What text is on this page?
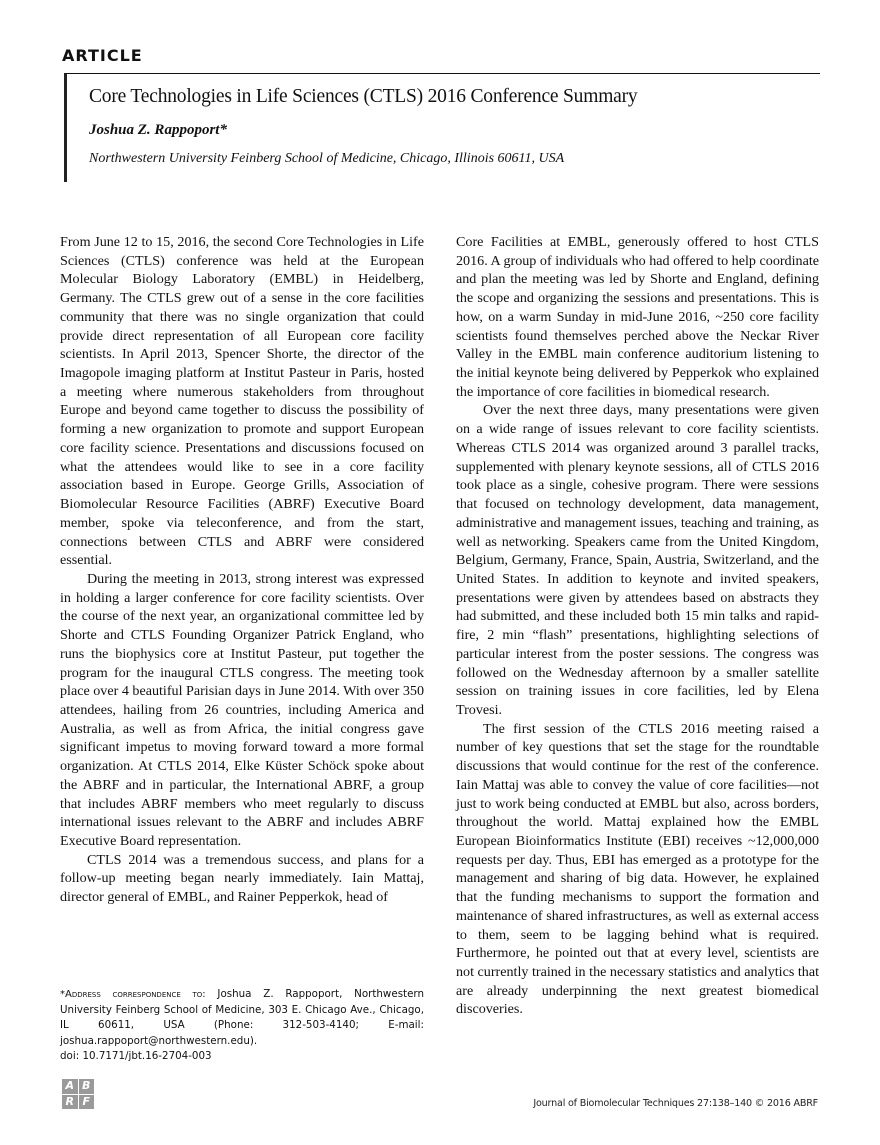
ARTICLE
Core Technologies in Life Sciences (CTLS) 2016 Conference Summary
Joshua Z. Rappoport*
Northwestern University Feinberg School of Medicine, Chicago, Illinois 60611, USA

From June 12 to 15, 2016, the second Core Technologies in Life Sciences (CTLS) conference was held at the European Molecular Biology Laboratory (EMBL) in Heidelberg, Germany. The CTLS grew out of a sense in the core facilities community that there was no single organization that could provide direct representation of all European core facility scientists. In April 2013, Spencer Shorte, the director of the Imagopole imaging platform at Institut Pasteur in Paris, hosted a meeting where numerous stakeholders from throughout Europe and beyond came together to discuss the possibility of forming a new organization to promote and support European core facility science. Presentations and discussions focused on what the attendees would like to see in a core facility association based in Europe. George Grills, Association of Biomolecular Resource Facilities (ABRF) Executive Board member, spoke via teleconference, and from the start, connections between CTLS and ABRF were considered essential.

During the meeting in 2013, strong interest was expressed in holding a larger conference for core facility scientists. Over the course of the next year, an organizational committee led by Shorte and CTLS Founding Organizer Patrick England, who runs the biophysics core at Institut Pasteur, put together the program for the inaugural CTLS congress. The meeting took place over 4 beautiful Parisian days in June 2014. With over 350 attendees, hailing from 26 countries, including America and Australia, as well as from Africa, the initial congress gave significant impetus to moving forward toward a more formal organization. At CTLS 2014, Elke Küster Schöck spoke about the ABRF and in particular, the International ABRF, a group that includes ABRF members who meet regularly to discuss international issues relevant to the ABRF and includes ABRF Executive Board representation.

CTLS 2014 was a tremendous success, and plans for a follow-up meeting began nearly immediately. Iain Mattaj, director general of EMBL, and Rainer Pepperkok, head of

Core Facilities at EMBL, generously offered to host CTLS 2016. A group of individuals who had offered to help coordinate and plan the meeting was led by Shorte and England, defining the scope and organizing the sessions and presentations. This is how, on a warm Sunday in mid-June 2016, ~250 core facility scientists found themselves perched above the Neckar River Valley in the EMBL main conference auditorium listening to the initial keynote being delivered by Pepperkok who explained the importance of core facilities in biomedical research.

Over the next three days, many presentations were given on a wide range of issues relevant to core facility scientists. Whereas CTLS 2014 was organized around 3 parallel tracks, supplemented with plenary keynote sessions, all of CTLS 2016 took place as a single, cohesive program. There were sessions that focused on technology development, data management, administrative and management issues, teaching and training, as well as networking. Speakers came from the United Kingdom, Belgium, Germany, France, Spain, Austria, Switzerland, and the United States. In addition to keynote and invited speakers, presentations were given by attendees based on abstracts they had submitted, and these included both 15 min talks and rapid-fire, 2 min “flash” presentations, highlighting selections of particular interest from the poster sessions. The congress was followed on the Wednesday afternoon by a smaller satellite session on training issues in core facilities, led by Elena Trovesi.

The first session of the CTLS 2016 meeting raised a number of key questions that set the stage for the roundtable discussions that would continue for the rest of the conference. Iain Mattaj was able to convey the value of core facilities—not just to work being conducted at EMBL but also, across borders, throughout the world. Mattaj explained how the EMBL European Bioinformatics Institute (EBI) receives ~12,000,000 requests per day. Thus, EBI has emerged as a prototype for the management and sharing of big data. However, he explained that the funding mechanisms to support the formation and maintenance of shared infrastructures, as well as external access to them, seem to be lagging behind what is required. Furthermore, he pointed out that at every level, scientists are not currently trained in the necessary statistics and analytics that are already underpinning the next greatest biomedical discoveries.

*Address correspondence to: Joshua Z. Rappoport, Northwestern University Feinberg School of Medicine, 303 E. Chicago Ave., Chicago, IL 60611, USA (Phone: 312-503-4140; E-mail: joshua.rappoport@northwestern.edu).
doi: 10.7171/jbt.16-2704-003
A B
R F	Journal of Biomolecular Techniques 27:138–140 © 2016 ABRF
